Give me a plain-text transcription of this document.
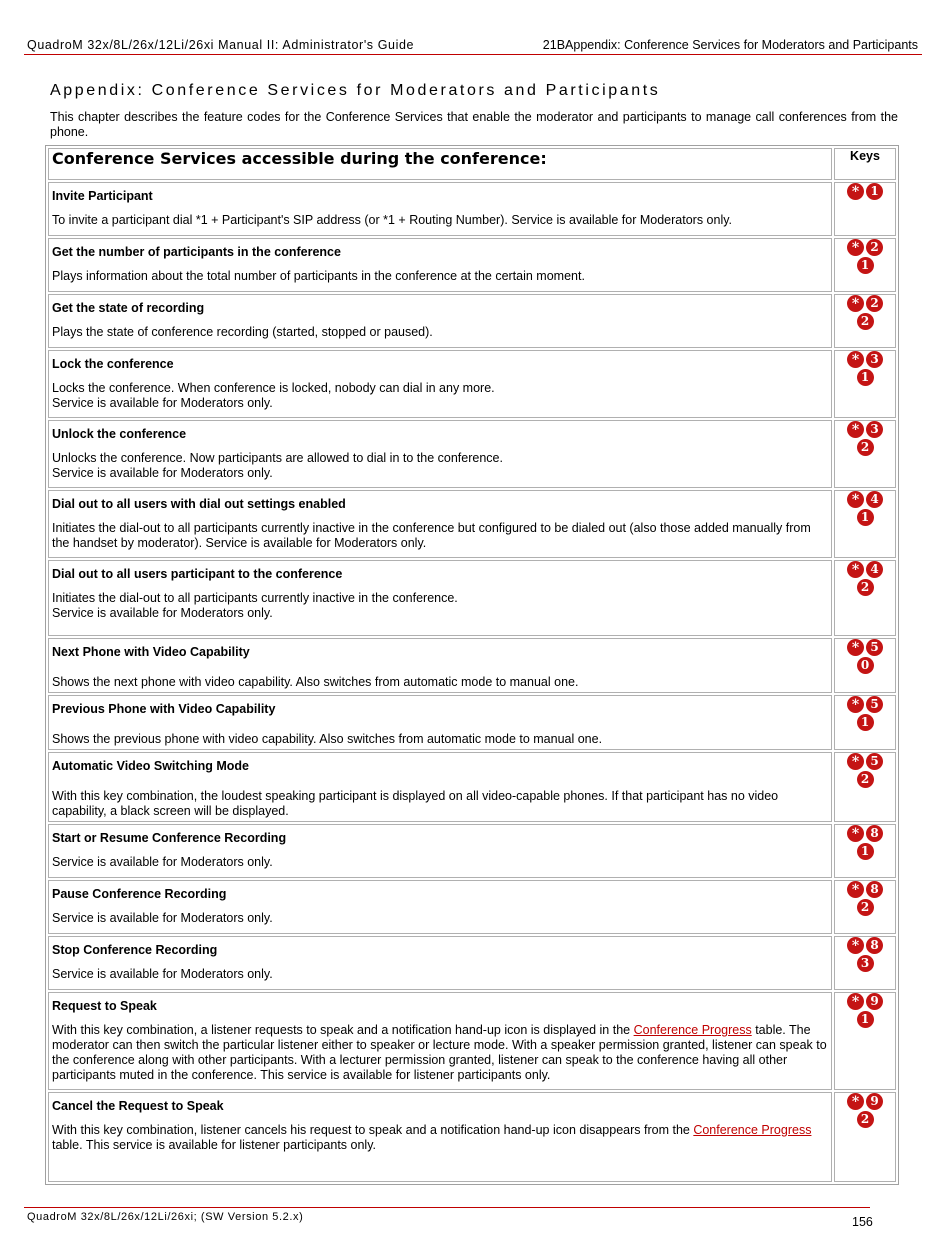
QuadroM 32x/8L/26x/12Li/26xi Manual II: Administrator's Guide	21BAppendix: Conference Services for Moderators and Participants
Appendix: Conference Services for Moderators and Participants
This chapter describes the feature codes for the Conference Services that enable the moderator and participants to manage call conferences from the phone.
Conference Services accessible during the conference:	Keys

Invite Participant
To invite a participant dial *1 + Participant's SIP address (or *1 + Routing Number). Service is available for Moderators only.	* 1

Get the number of participants in the conference
Plays information about the total number of participants in the conference at the certain moment.	* 21

Get the state of recording
Plays the state of conference recording (started, stopped or paused).	* 22

Lock the conference
Locks the conference. When conference is locked, nobody can dial in any more.
Service is available for Moderators only.	* 31

Unlock the conference
Unlocks the conference. Now participants are allowed to dial in to the conference.
Service is available for Moderators only.	* 32

Dial out to all users with dial out settings enabled
Initiates the dial-out to all participants currently inactive in the conference but configured to be dialed out (also those added manually from the handset by moderator). Service is available for Moderators only.	* 41

Dial out to all users participant to the conference
Initiates the dial-out to all participants currently inactive in the conference.
Service is available for Moderators only.	* 42

Next Phone with Video Capability
Shows the next phone with video capability. Also switches from automatic mode to manual one.	* 50

Previous Phone with Video Capability
Shows the previous phone with video capability. Also switches from automatic mode to manual one.	* 51

Automatic Video Switching Mode
With this key combination, the loudest speaking participant is displayed on all video-capable phones. If that participant has no video capability, a black screen will be displayed.	* 52

Start or Resume Conference Recording
Service is available for Moderators only.	* 81

Pause Conference Recording
Service is available for Moderators only.	* 82

Stop Conference Recording
Service is available for Moderators only.	* 83

Request to Speak
With this key combination, a listener requests to speak and a notification hand-up icon is displayed in the Conference Progress table. The moderator can then switch the particular listener either to speaker or lecture mode. With a speaker permission granted, listener can speak to the conference along with other participants. With a lecturer permission granted, listener can speak to the conference having all other participants muted in the conference. This service is available for listener participants only.	* 91

Cancel the Request to Speak
With this key combination, listener cancels his request to speak and a notification hand-up icon disappears from the Conference Progress table. This service is available for listener participants only.	* 92
QuadroM 32x/8L/26x/12Li/26xi; (SW Version 5.2.x)	156
